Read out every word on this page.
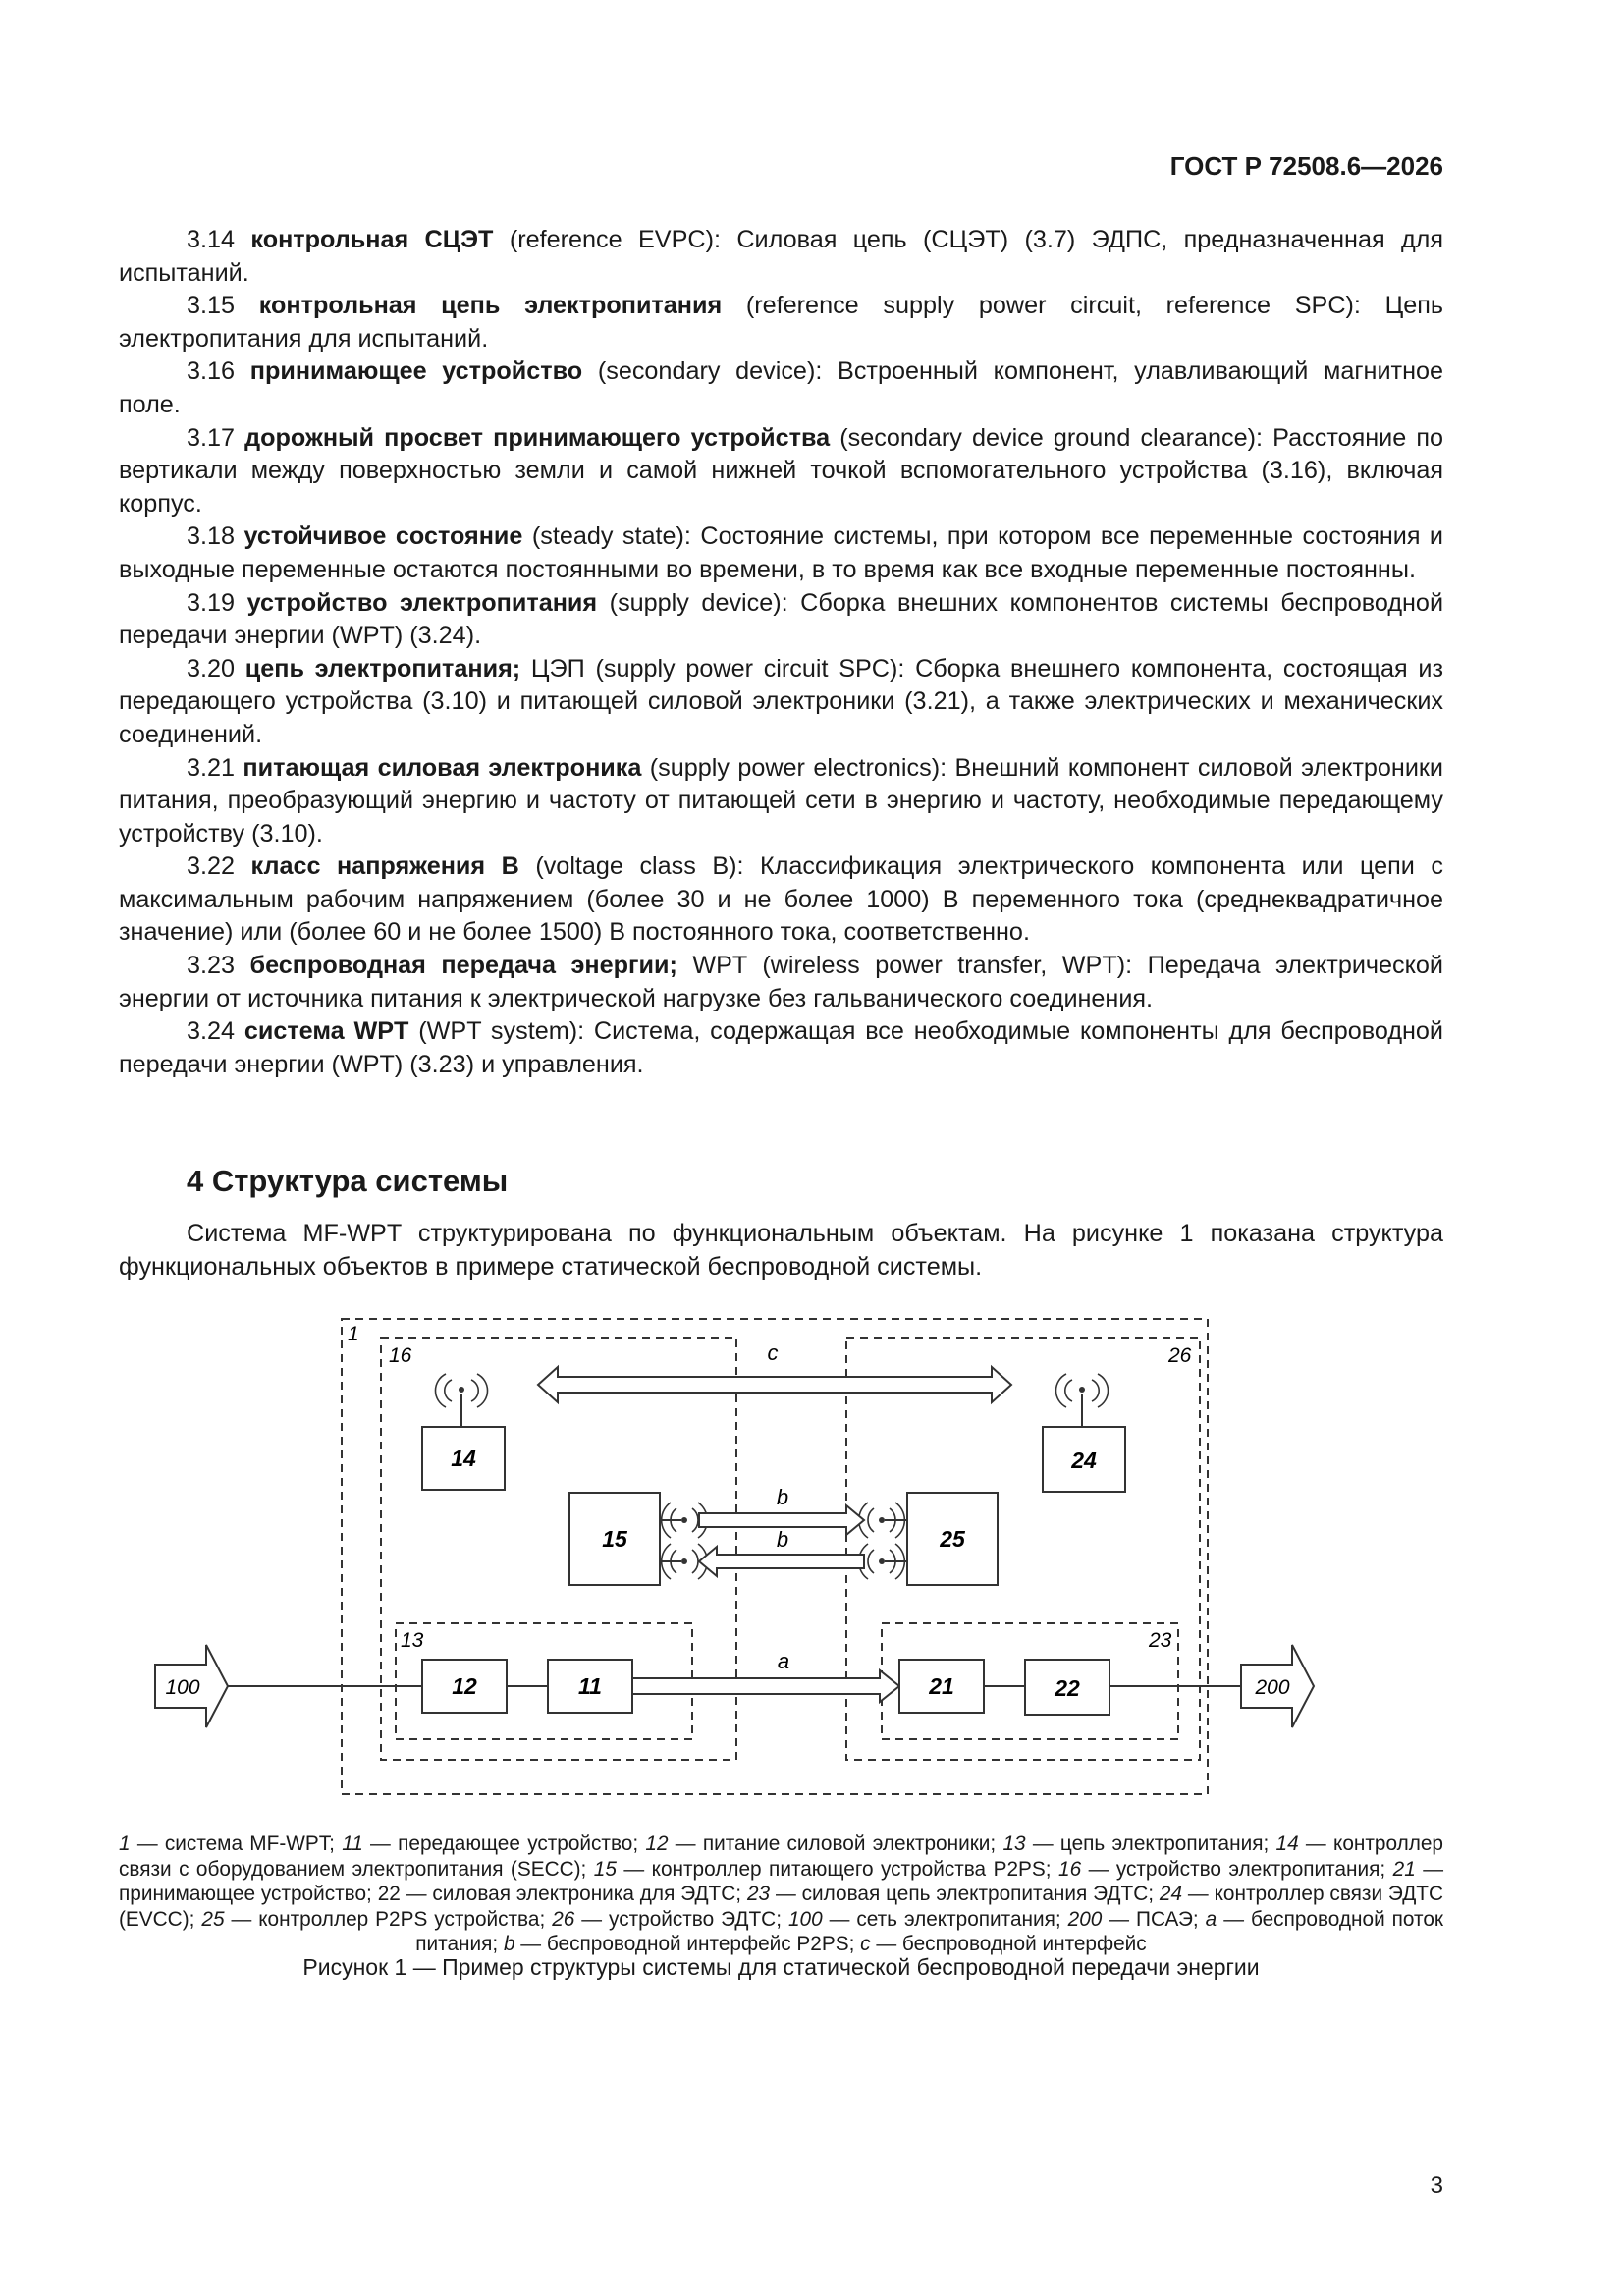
ГОСТ Р 72508.6—2026

3.14 контрольная СЦЭТ (reference EVPC): Силовая цепь (СЦЭТ) (3.7) ЭДПС, предназначенная для испытаний.

3.15 контрольная цепь электропитания (reference supply power circuit, reference SPC): Цепь электропитания для испытаний.

3.16 принимающее устройство (secondary device): Встроенный компонент, улавливающий магнитное поле.

3.17 дорожный просвет принимающего устройства (secondary device ground clearance): Расстояние по вертикали между поверхностью земли и самой нижней точкой вспомогательного устройства (3.16), включая корпус.

3.18 устойчивое состояние (steady state): Состояние системы, при котором все переменные состояния и выходные переменные остаются постоянными во времени, в то время как все входные переменные постоянны.

3.19 устройство электропитания (supply device): Сборка внешних компонентов системы беспроводной передачи энергии (WPT) (3.24).

3.20 цепь электропитания; ЦЭП (supply power circuit SPC): Сборка внешнего компонента, состоящая из передающего устройства (3.10) и питающей силовой электроники (3.21), а также электрических и механических соединений.

3.21 питающая силовая электроника (supply power electronics): Внешний компонент силовой электроники питания, преобразующий энергию и частоту от питающей сети в энергию и частоту, необходимые передающему устройству (3.10).

3.22 класс напряжения В (voltage class B): Классификация электрического компонента или цепи с максимальным рабочим напряжением (более 30 и не более 1000) В переменного тока (среднеквадратичное значение) или (более 60 и не более 1500) В постоянного тока, соответственно.

3.23 беспроводная передача энергии; WPT (wireless power transfer, WPT): Передача электрической энергии от источника питания к электрической нагрузке без гальванического соединения.

3.24 система WPT (WPT system): Система, содержащая все необходимые компоненты для беспроводной передачи энергии (WPT) (3.23) и управления.

4 Структура системы

Система MF-WPT структурирована по функциональным объектам. На рисунке 1 показана структура функциональных объектов в примере статической беспроводной системы.

1
16	26
13	23
c
14	24
15	25
b
b
100	12	11
a
21	22	200

1 — система MF-WPT; 11 — передающее устройство; 12 — питание силовой электроники; 13 — цепь электропитания; 14 — контроллер связи с оборудованием электропитания (SECC); 15 — контроллер питающего устройства P2PS; 16 — устройство электропитания; 21 — принимающее устройство; 22 — силовая электроника для ЭДТС; 23 — силовая цепь электропитания ЭДТС; 24 — контроллер связи ЭДТС (EVCC); 25 — контроллер P2PS устройства; 26 — устройство ЭДТС; 100 — сеть электропитания; 200 — ПСАЭ; a — беспроводной поток питания; b — беспроводной интерфейс P2PS; c — беспроводной интерфейс

Рисунок 1 — Пример структуры системы для статической беспроводной передачи энергии

3
